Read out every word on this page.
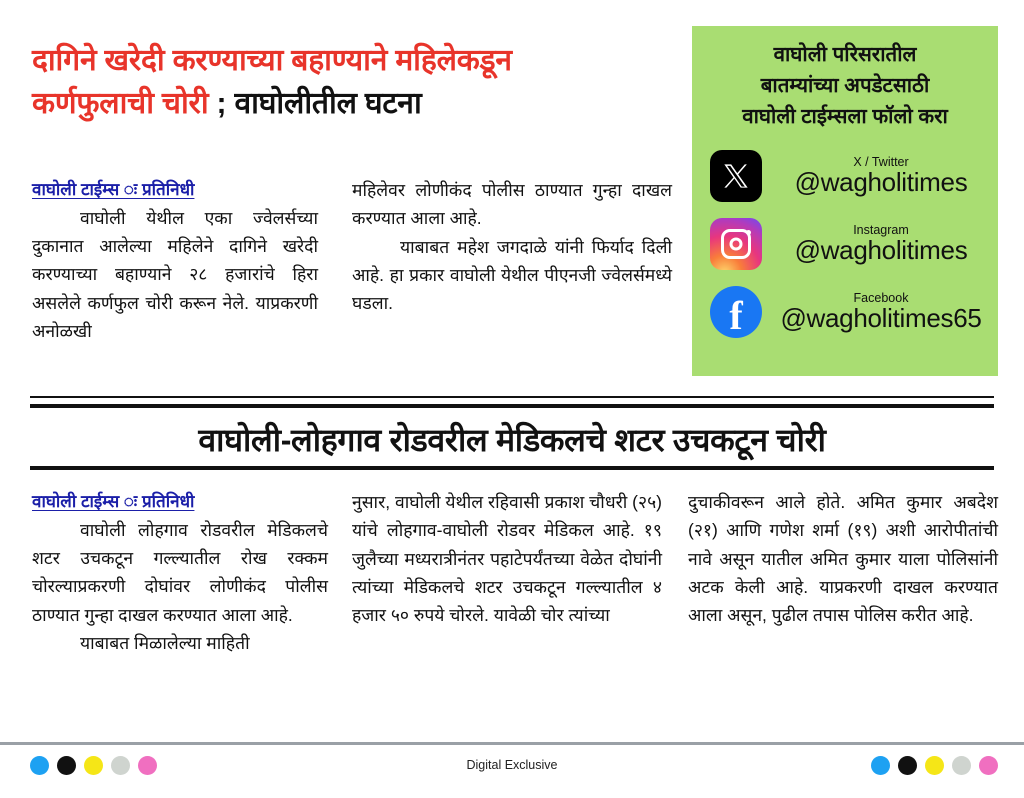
दागिने खरेदी करण्याच्या बहाण्याने महिलेकडून
कर्णफुलाची चोरी ; वाघोलीतील घटना
वाघोली टाईम्स ः प्रतिनिधी

वाघोली येथील एका ज्वेलर्सच्या दुकानात आलेल्या महिलेने दागिने खरेदी करण्याच्या बहाण्याने २८ हजारांचे हिरा असलेले कर्णफुल चोरी करून नेले. याप्रकरणी अनोळखी

महिलेवर लोणीकंद पोलीस ठाण्यात गुन्हा दाखल करण्यात आला आहे.

याबाबत महेश जगदाळे यांनी फिर्याद दिली आहे. हा प्रकार वाघोली येथील पीएनजी ज्वेलर्समध्ये घडला.

वाघोली परिसरातील
बातम्यांच्या अपडेटसाठी
वाघोली टाईम्सला फॉलो करा
X / Twitter
@wagholitimes
Instagram
@wagholitimes
f	Facebook
@wagholitimes65
वाघोली-लोहगाव रोडवरील मेडिकलचे शटर उचकटून चोरी
वाघोली टाईम्स ः प्रतिनिधी

वाघोली लोहगाव रोडवरील मेडिकलचे शटर उचकटून गल्ल्यातील रोख रक्कम चोरल्याप्रकरणी दोघांवर लोणीकंद पोलीस ठाण्यात गुन्हा दाखल करण्यात आला आहे.

याबाबत मिळालेल्या माहिती

नुसार, वाघोली येथील रहिवासी प्रकाश चौधरी (२५) यांचे लोहगाव-वाघोली रोडवर मेडिकल आहे. १९ जुलैच्या मध्यरात्रीनंतर पहाटेपर्यंतच्या वेळेत दोघांनी त्यांच्या मेडिकलचे शटर उचकटून गल्ल्यातील ४ हजार ५० रुपये चोरले. यावेळी चोर त्यांच्या

दुचाकीवरून आले होते. अमित कुमार अबदेश (२१) आणि गणेश शर्मा (१९) अशी आरोपीतांची नावे असून यातील अमित कुमार याला पोलिसांनी अटक केली आहे. याप्रकरणी दाखल करण्यात आला असून, पुढील तपास पोलिस करीत आहे.

Digital Exclusive
